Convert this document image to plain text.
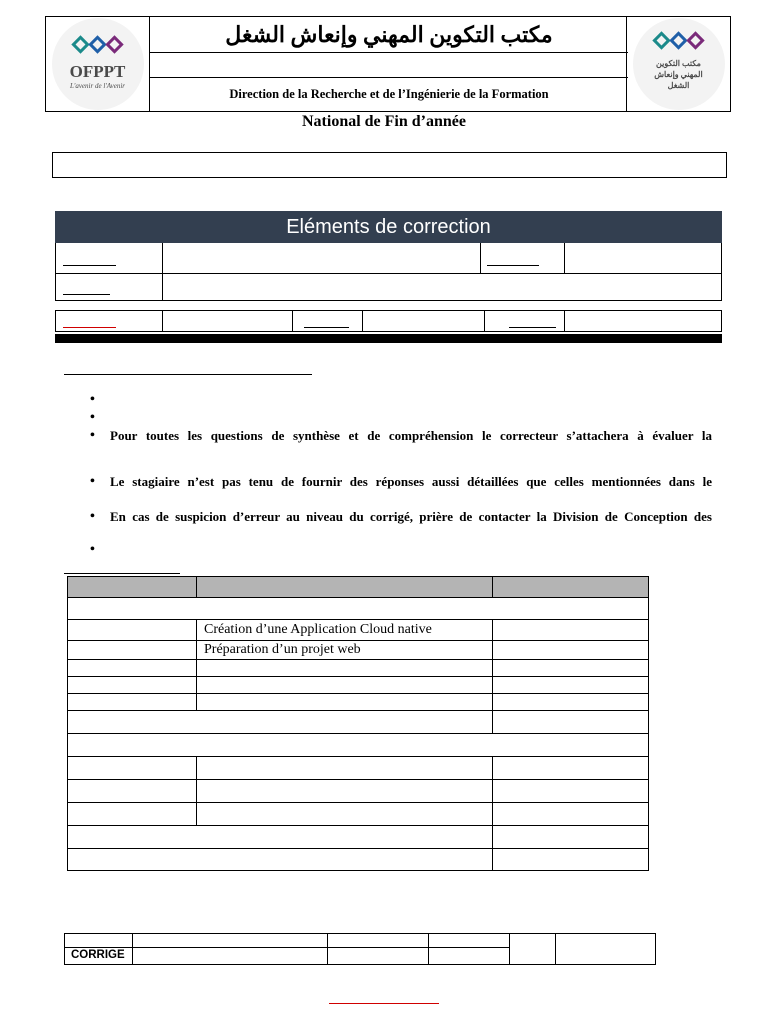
OFPPT
L'avenir de l'Avenir
مكتب التكوين المهني وإنعاش الشغل
Direction de la Recherche et de l’Ingénierie de la Formation
مكتب التكوين المهني وإنعاش الشغل
National de Fin d’année
Eléments de correction
•
•
• Pour toutes les questions de synthèse et de compréhension le correcteur s’attachera à évaluer la
• Le stagiaire n’est pas tenu de fournir des réponses aussi détaillées que celles mentionnées dans le
• En cas de suspicion d’erreur au niveau du corrigé, prière de contacter la Division de Conception des
•
Création d’une Application Cloud native
Préparation d’un projet web
CORRIGE
